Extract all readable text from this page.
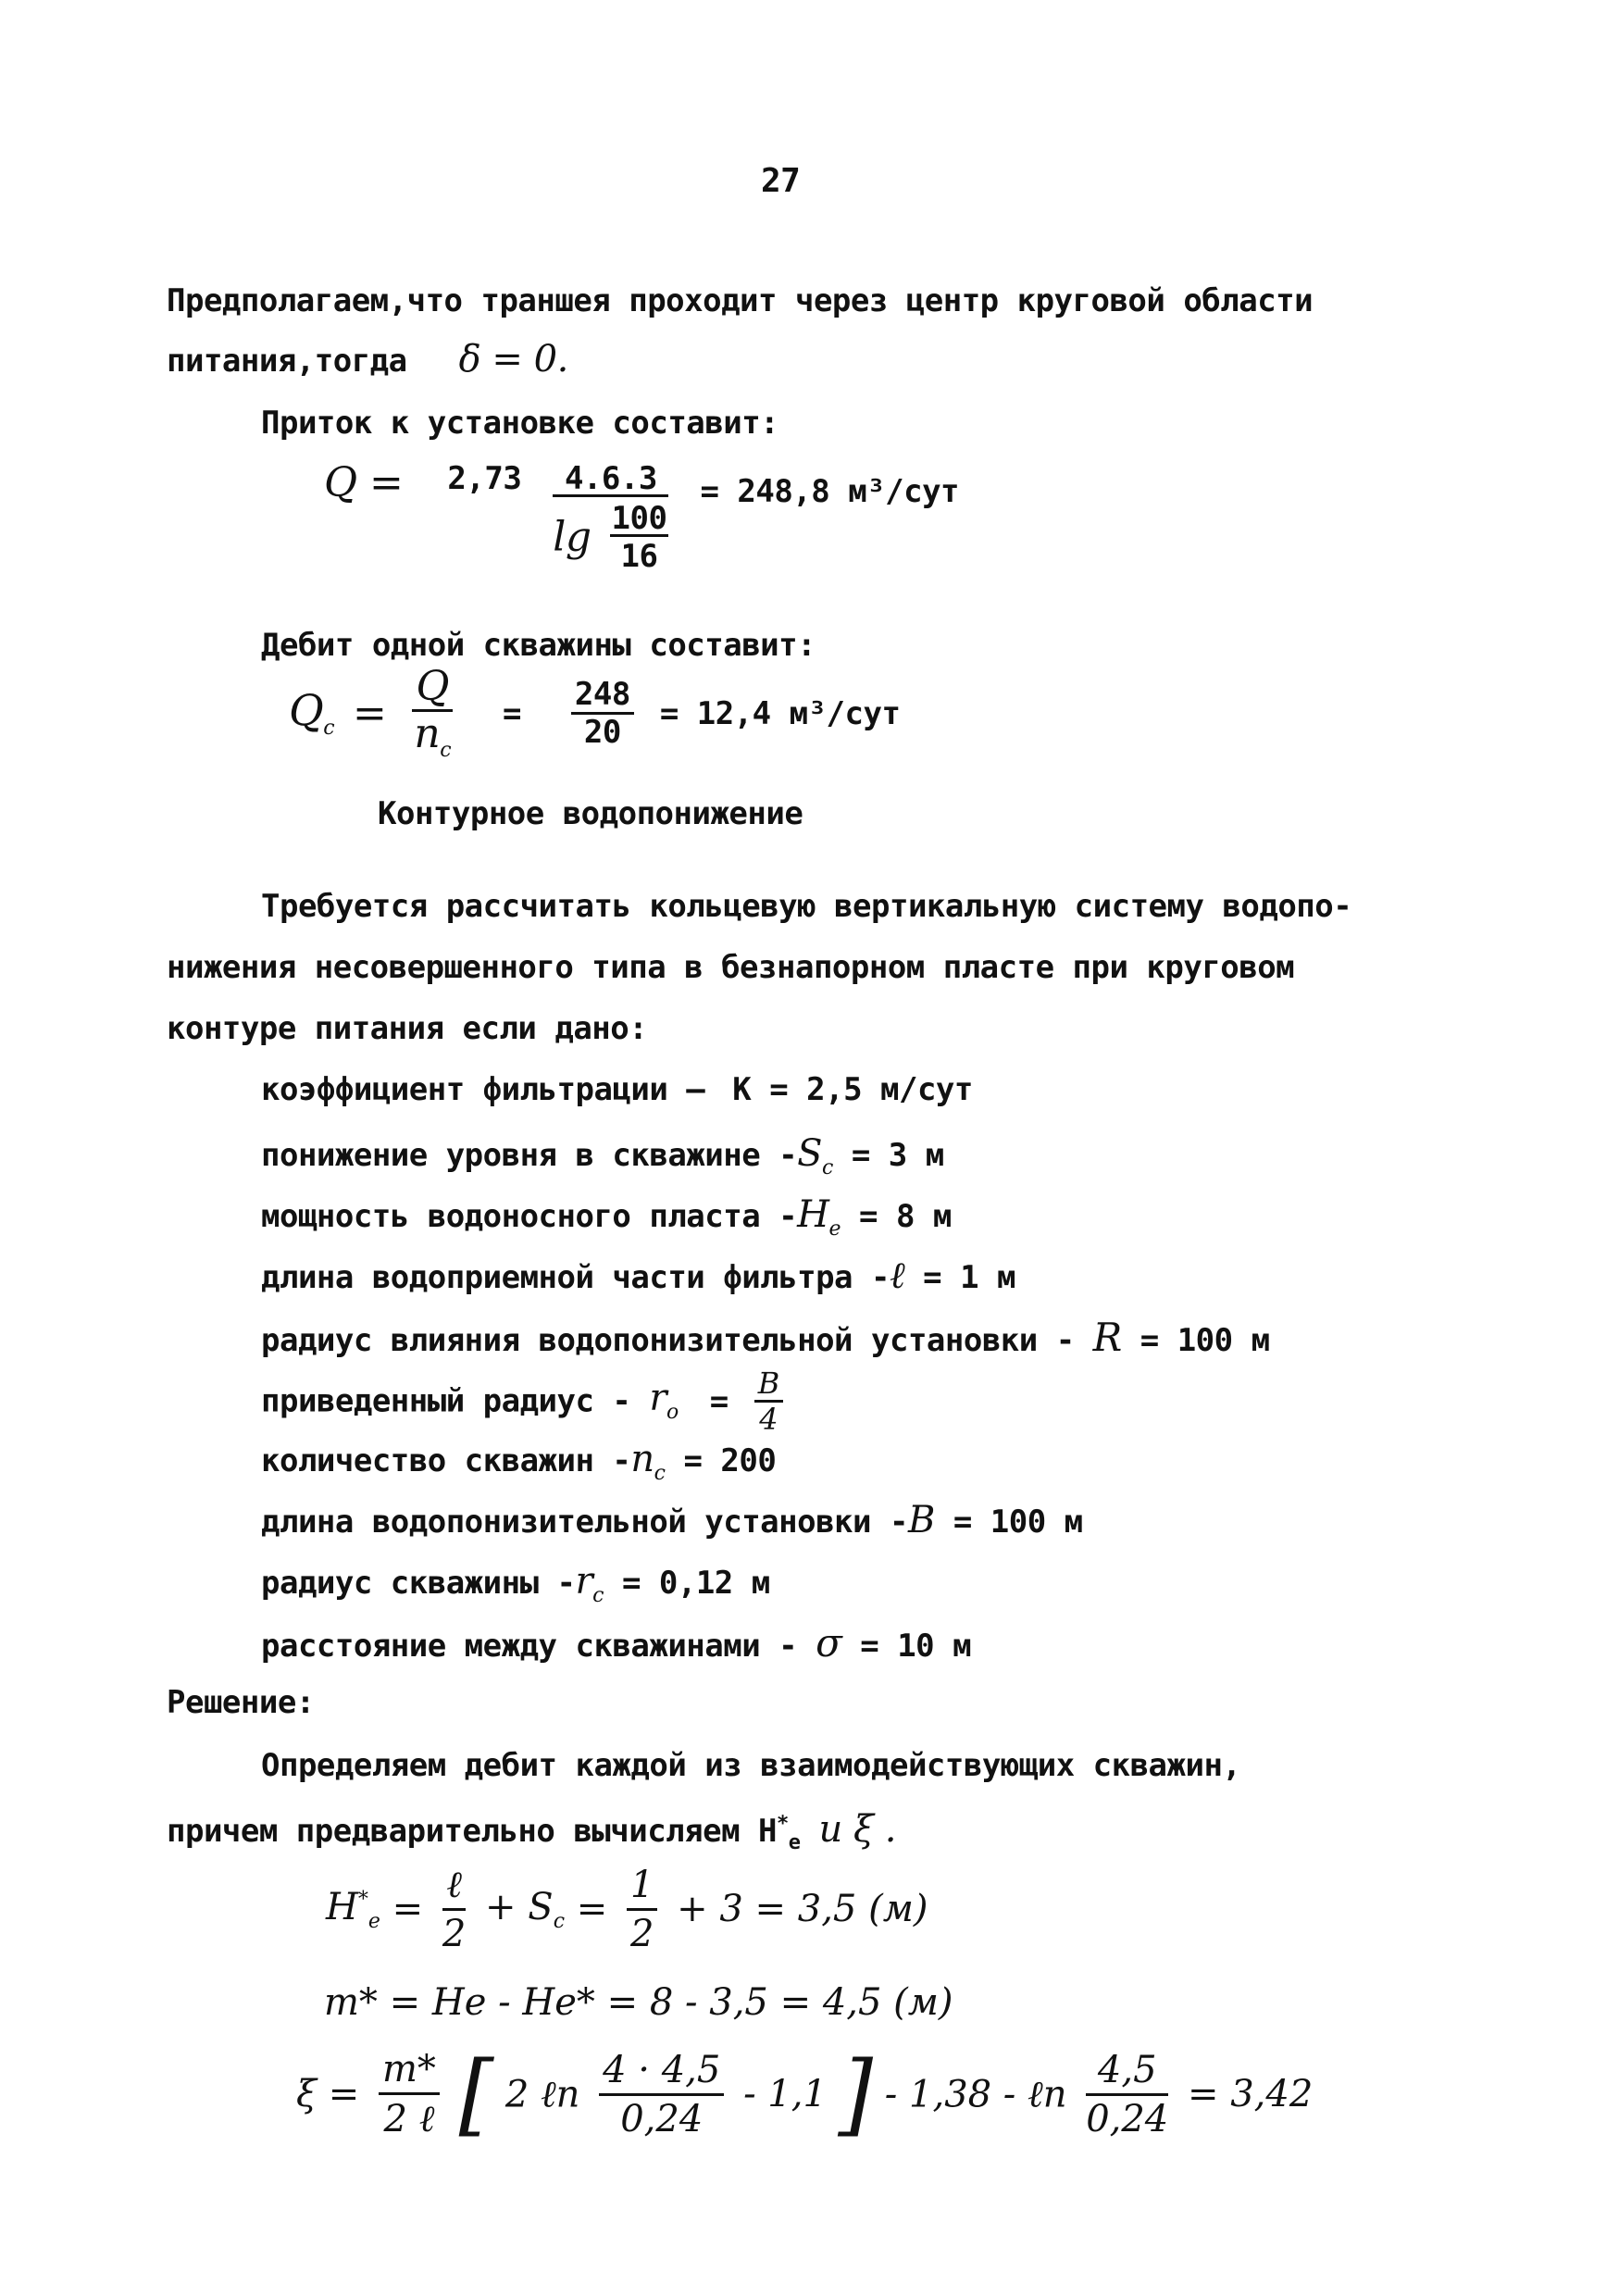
27
Предполагаем,что траншея проходит через центр круговой области
питания,тогда δ = 0.
Приток к установке составит:
$Q = 2,73 \frac{4.6.3}{\lg \frac{100}{16}} = 248,8$ м³/сут
Дебит одной скважины составит:
$Q_c = \frac{Q}{n_c} = \frac{248}{20} = 12,4$ м³/сут
Контурное водопонижение
Требуется рассчитать кольцевую вертикальную систему водопо-
нижения несовершенного типа в безнапорном пласте при круговом
контуре питания если дано:
коэффициент фильтрации — К = 2,5 м/сут
понижение уровня в скважине $-S_c = 3$ м
мощность водоносного пласта $-H_e = 8$ м
длина водоприемной части фильтра -ℓ = 1 м
радиус влияния водопонизительной установки - R = 100 м
приведенный радиус - $r_o = \frac{B}{4}$
количество скважин $-n_c = 200$
длина водопонизительной установки -B = 100 м
радиус скважины $-r_c = 0,12$ м
расстояние между скважинами - σ = 10 м
Решение:
Определяем дебит каждой из взаимодействующих скважин,
причем предварительно вычисляем $H^*_e$ и ξ .
$H^*_e = \frac{\text{ℓ}}{2} + S_c = \frac{1}{2} + 3 = 3,5$ (м)
m* = He - He* = 8 - 3,5 = 4,5 (м)
$\xi = \frac{m*}{\text{2 ℓ}}$ [ 2 ℓn $\frac{4 \cdot 4,5}{0,24} - 1,1$ ] - 1,38 - ℓn $\frac{4,5}{0,24} = 3,42$
